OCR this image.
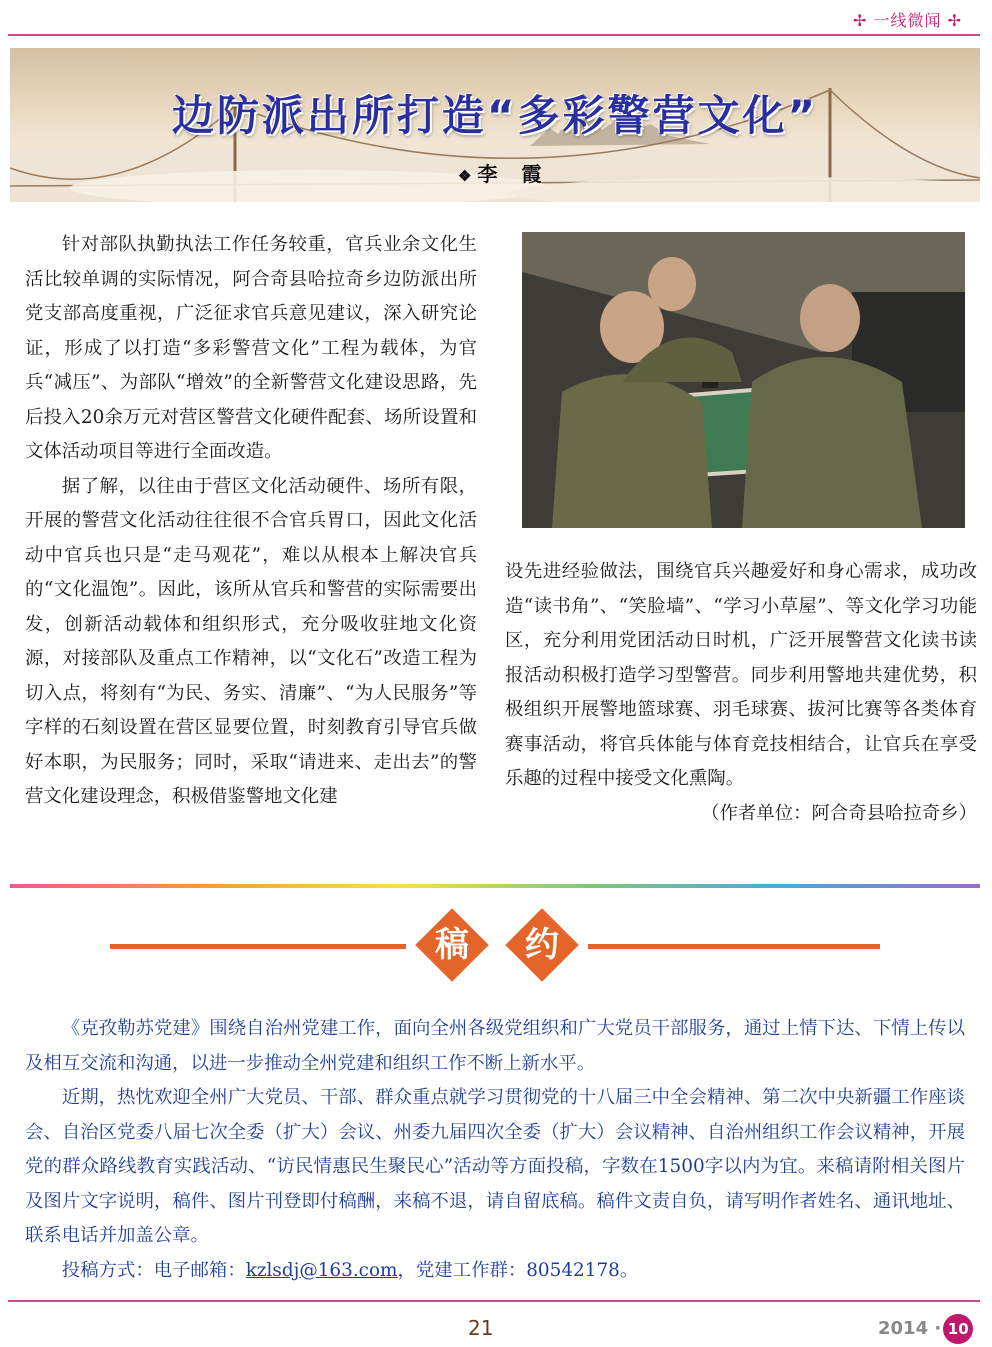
✢ 一线微闻 ✢
边防派出所打造“多彩警营文化”
❖ 李　霞

针对部队执勤执法工作任务较重，官兵业余文化生活比较单调的实际情况，阿合奇县哈拉奇乡边防派出所党支部高度重视，广泛征求官兵意见建议，深入研究论证，形成了以打造“多彩警营文化”工程为载体，为官兵“减压”、为部队“增效”的全新警营文化建设思路，先后投入20余万元对营区警营文化硬件配套、场所设置和文体活动项目等进行全面改造。

据了解，以往由于营区文化活动硬件、场所有限，开展的警营文化活动往往很不合官兵胃口，因此文化活动中官兵也只是“走马观花”，难以从根本上解决官兵的“文化温饱”。因此，该所从官兵和警营的实际需要出发，创新活动载体和组织形式，充分吸收驻地文化资源，对接部队及重点工作精神，以“文化石”改造工程为切入点，将刻有“为民、务实、清廉”、“为人民服务”等字样的石刻设置在营区显要位置，时刻教育引导官兵做好本职，为民服务；同时，采取“请进来、走出去”的警营文化建设理念，积极借鉴警地文化建

设先进经验做法，围绕官兵兴趣爱好和身心需求，成功改造“读书角”、“笑脸墙”、“学习小草屋”、等文化学习功能区，充分利用党团活动日时机，广泛开展警营文化读书读报活动积极打造学习型警营。同步利用警地共建优势，积极组织开展警地篮球赛、羽毛球赛、拔河比赛等各类体育赛事活动，将官兵体能与体育竞技相结合，让官兵在享受乐趣的过程中接受文化熏陶。

（作者单位：阿合奇县哈拉奇乡）

稿	约

《克孜勒苏党建》围绕自治州党建工作，面向全州各级党组织和广大党员干部服务，通过上情下达、下情上传以及相互交流和沟通，以进一步推动全州党建和组织工作不断上新水平。

近期，热忱欢迎全州广大党员、干部、群众重点就学习贯彻党的十八届三中全会精神、第二次中央新疆工作座谈会、自治区党委八届七次全委（扩大）会议、州委九届四次全委（扩大）会议精神、自治州组织工作会议精神，开展党的群众路线教育实践活动、“访民情惠民生聚民心”活动等方面投稿，字数在1500字以内为宜。来稿请附相关图片及图片文字说明，稿件、图片刊登即付稿酬，来稿不退，请自留底稿。稿件文责自负，请写明作者姓名、通讯地址、联系电话并加盖公章。

投稿方式：电子邮箱：kzlsdj@163.com，党建工作群：80542178。

21	2014 · 10
